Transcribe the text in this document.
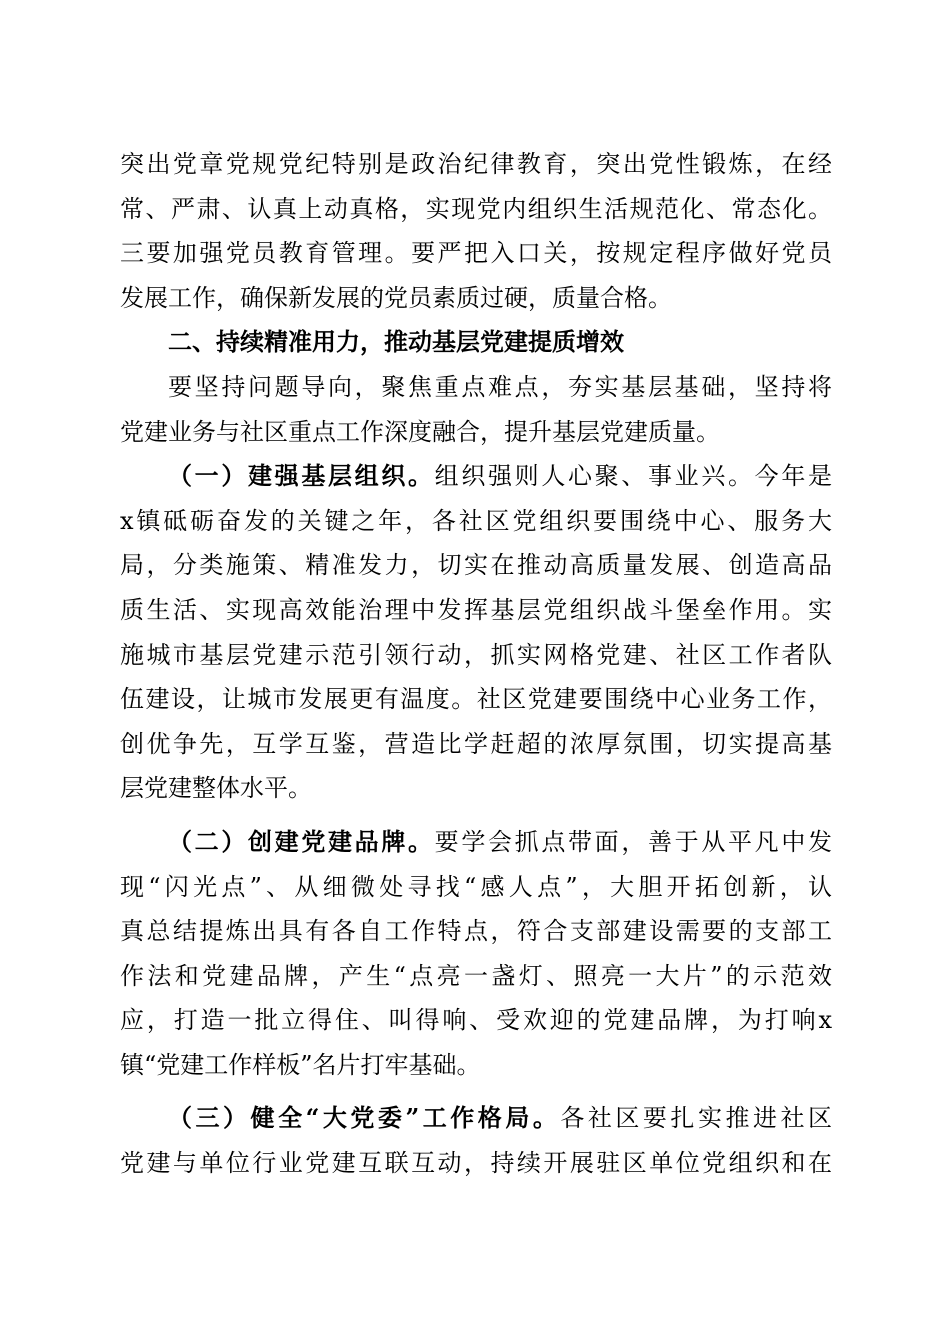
突出党章党规党纪特别是政治纪律教育，突出党性锻炼，在经
常、严肃、认真上动真格，实现党内组织生活规范化、常态化。
三要加强党员教育管理。要严把入口关，按规定程序做好党员
发展工作，确保新发展的党员素质过硬，质量合格。
二、持续精准用力，推动基层党建提质增效
要坚持问题导向，聚焦重点难点，夯实基层基础，坚持将
党建业务与社区重点工作深度融合，提升基层党建质量。
（一）建强基层组织。组织强则人心聚、事业兴。今年是
x镇砥砺奋发的关键之年，各社区党组织要围绕中心、服务大
局，分类施策、精准发力，切实在推动高质量发展、创造高品
质生活、实现高效能治理中发挥基层党组织战斗堡垒作用。实
施城市基层党建示范引领行动，抓实网格党建、社区工作者队
伍建设，让城市发展更有温度。社区党建要围绕中心业务工作，
创优争先，互学互鉴，营造比学赶超的浓厚氛围，切实提高基
层党建整体水平。
（二）创建党建品牌。要学会抓点带面，善于从平凡中发
现“闪光点”、从细微处寻找“感人点”，大胆开拓创新，认
真总结提炼出具有各自工作特点，符合支部建设需要的支部工
作法和党建品牌，产生“点亮一盏灯、照亮一大片”的示范效
应，打造一批立得住、叫得响、受欢迎的党建品牌，为打响x
镇“党建工作样板”名片打牢基础。
（三）健全“大党委”工作格局。各社区要扎实推进社区
党建与单位行业党建互联互动，持续开展驻区单位党组织和在
